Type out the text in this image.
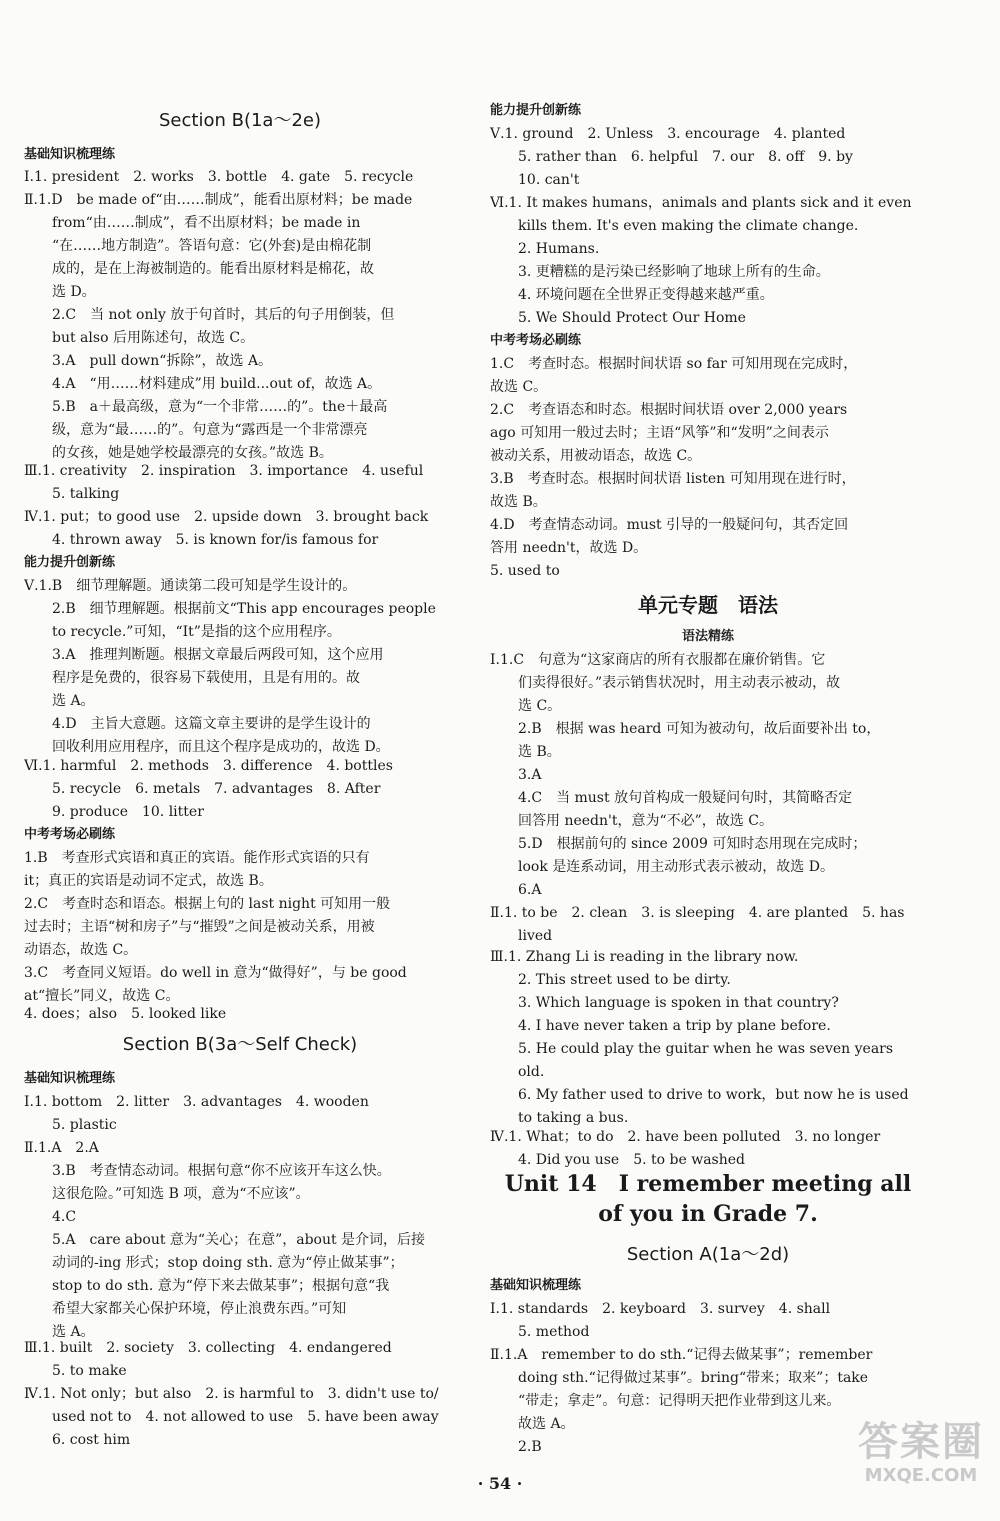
Section B(1a～2e)
基础知识梳理练
Ⅰ.1. president　2. works　3. bottle　4. gate　5. recycle
Ⅱ.1.D　be made of“由……制成”，能看出原材料；be made
from“由……制成”，看不出原材料；be made in
“在……地方制造”。答语句意：它(外套)是由棉花制
成的，是在上海被制造的。能看出原材料是棉花，故
选 D。
2.C　当 not only 放于句首时，其后的句子用倒装，但
but also 后用陈述句，故选 C。
3.A　pull down“拆除”，故选 A。
4.A　“用……材料建成”用 build...out of，故选 A。
5.B　a＋最高级，意为“一个非常……的”。the＋最高
级，意为“最……的”。句意为“露西是一个非常漂亮
的女孩，她是她学校最漂亮的女孩。”故选 B。
Ⅲ.1. creativity　2. inspiration　3. importance　4. useful
5. talking
Ⅳ.1. put；to good use　2. upside down　3. brought back
4. thrown away　5. is known for/is famous for
能力提升创新练
Ⅴ.1.B　细节理解题。通读第二段可知是学生设计的。
2.B　细节理解题。根据前文“This app encourages people
to recycle.”可知，“It”是指的这个应用程序。
3.A　推理判断题。根据文章最后两段可知，这个应用
程序是免费的，很容易下载使用，且是有用的。故
选 A。
4.D　主旨大意题。这篇文章主要讲的是学生设计的
回收利用应用程序，而且这个程序是成功的，故选 D。
Ⅵ.1. harmful　2. methods　3. difference　4. bottles
5. recycle　6. metals　7. advantages　8. After
9. produce　10. litter
中考考场必刷练
1.B　考查形式宾语和真正的宾语。能作形式宾语的只有
it；真正的宾语是动词不定式，故选 B。
2.C　考查时态和语态。根据上句的 last night 可知用一般
过去时；主语“树和房子”与“摧毁”之间是被动关系，用被
动语态，故选 C。
3.C　考查同义短语。do well in 意为“做得好”，与 be good
at“擅长”同义，故选 C。
4. does；also　5. looked like
Section B(3a～Self Check)
基础知识梳理练
Ⅰ.1. bottom　2. litter　3. advantages　4. wooden
5. plastic
Ⅱ.1.A　2.A
3.B　考查情态动词。根据句意“你不应该开车这么快。
这很危险。”可知选 B 项，意为“不应该”。
4.C
5.A　care about 意为“关心；在意”，about 是介词，后接
动词的-ing 形式；stop doing sth. 意为“停止做某事”；
stop to do sth. 意为“停下来去做某事”；根据句意“我
希望大家都关心保护环境，停止浪费东西。”可知
选 A。
Ⅲ.1. built　2. society　3. collecting　4. endangered
5. to make
Ⅳ.1. Not only；but also　2. is harmful to　3. didn't use to/
used not to　4. not allowed to use　5. have been away
6. cost him
能力提升创新练
Ⅴ.1. ground　2. Unless　3. encourage　4. planted
5. rather than　6. helpful　7. our　8. off　9. by
10. can't
Ⅵ.1. It makes humans，animals and plants sick and it even
kills them. It's even making the climate change.
2. Humans.
3. 更糟糕的是污染已经影响了地球上所有的生命。
4. 环境问题在全世界正变得越来越严重。
5. We Should Protect Our Home
中考考场必刷练
1.C　考查时态。根据时间状语 so far 可知用现在完成时，
故选 C。
2.C　考查语态和时态。根据时间状语 over 2,000 years
ago 可知用一般过去时；主语“风筝”和“发明”之间表示
被动关系，用被动语态，故选 C。
3.B　考查时态。根据时间状语 listen 可知用现在进行时，
故选 B。
4.D　考查情态动词。must 引导的一般疑问句，其否定回
答用 needn't，故选 D。
5. used to
单元专题　语法
语法精练
Ⅰ.1.C　句意为“这家商店的所有衣服都在廉价销售。它
们卖得很好。”表示销售状况时，用主动表示被动，故
选 C。
2.B　根据 was heard 可知为被动句，故后面要补出 to，
选 B。
3.A
4.C　当 must 放句首构成一般疑问句时，其简略否定
回答用 needn't，意为“不必”，故选 C。
5.D　根据前句的 since 2009 可知时态用现在完成时；
look 是连系动词，用主动形式表示被动，故选 D。
6.A
Ⅱ.1. to be　2. clean　3. is sleeping　4. are planted　5. has
lived
Ⅲ.1. Zhang Li is reading in the library now.
2. This street used to be dirty.
3. Which language is spoken in that country?
4. I have never taken a trip by plane before.
5. He could play the guitar when he was seven years
old.
6. My father used to drive to work，but now he is used
to taking a bus.
Ⅳ.1. What；to do　2. have been polluted　3. no longer
4. Did you use　5. to be washed
Unit 14　I remember meeting all
of you in Grade 7.
Section A(1a～2d)
基础知识梳理练
Ⅰ.1. standards　2. keyboard　3. survey　4. shall
5. method
Ⅱ.1.A　remember to do sth.“记得去做某事”；remember
doing sth.“记得做过某事”。bring“带来；取来”；take
“带走；拿走”。句意：记得明天把作业带到这儿来。
故选 A。
2.B
· 54 ·
答案圈
MXQE.COM
